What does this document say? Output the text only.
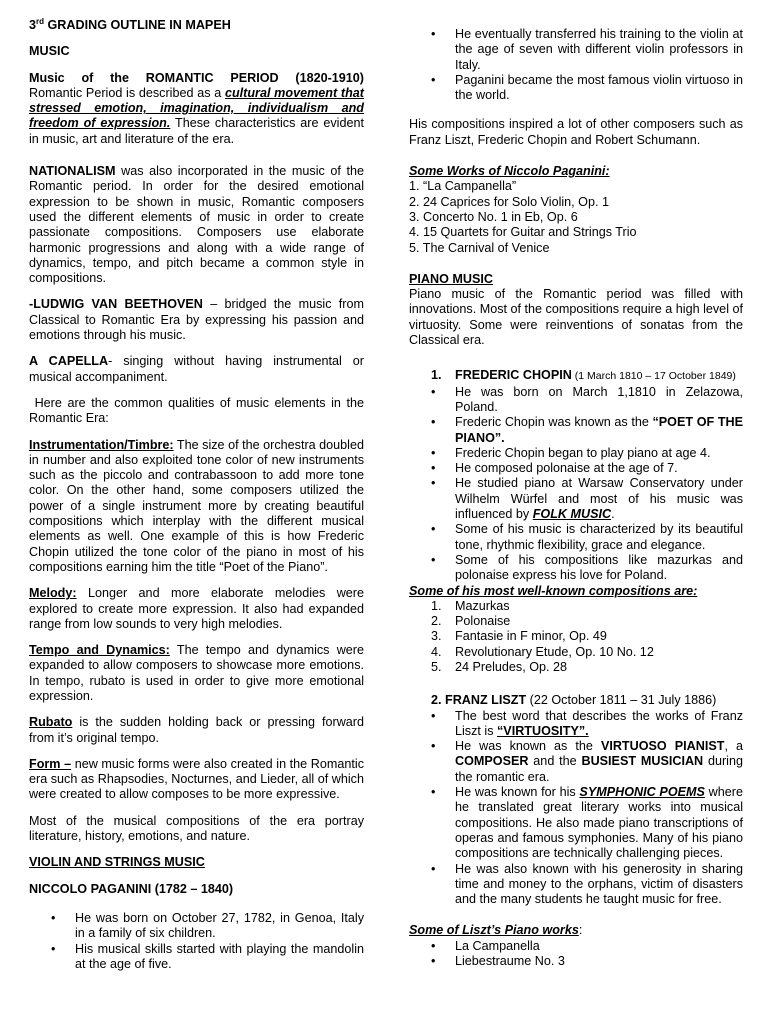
3rd GRADING OUTLINE IN MAPEH

MUSIC

Music of the ROMANTIC PERIOD (1820-1910)
Romantic Period is described as a cultural movement that stressed emotion, imagination, individualism and freedom of expression. These characteristics are evident in music, art and literature of the era.

NATIONALISM was also incorporated in the music of the Romantic period. In order for the desired emotional expression to be shown in music, Romantic composers used the different elements of music in order to create passionate compositions. Composers use elaborate harmonic progressions and along with a wide range of dynamics, tempo, and pitch became a common style in compositions.

-LUDWIG VAN BEETHOVEN – bridged the music from Classical to Romantic Era by expressing his passion and emotions through his music.

A CAPELLA- singing without having instrumental or musical accompaniment.

Here are the common qualities of music elements in the Romantic Era:

Instrumentation/Timbre: The size of the orchestra doubled in number and also exploited tone color of new instruments such as the piccolo and contrabassoon to add more tone color. On the other hand, some composers utilized the power of a single instrument more by creating beautiful compositions which interplay with the different musical elements as well. One example of this is how Frederic Chopin utilized the tone color of the piano in most of his compositions earning him the title “Poet of the Piano”.

Melody: Longer and more elaborate melodies were explored to create more expression. It also had expanded range from low sounds to very high melodies.

Tempo and Dynamics: The tempo and dynamics were expanded to allow composers to showcase more emotions. In tempo, rubato is used in order to give more emotional expression.

Rubato is the sudden holding back or pressing forward from it’s original tempo.

Form – new music forms were also created in the Romantic era such as Rhapsodies, Nocturnes, and Lieder, all of which were created to allow composes to be more expressive.

Most of the musical compositions of the era portray literature, history, emotions, and nature.

VIOLIN AND STRINGS MUSIC

NICCOLO PAGANINI (1782 – 1840)

• He was born on October 27, 1782, in Genoa, Italy in a family of six children.
• His musical skills started with playing the mandolin at the age of five.
• He eventually transferred his training to the violin at the age of seven with different violin professors in Italy.
• Paganini became the most famous violin virtuoso in the world.

His compositions inspired a lot of other composers such as Franz Liszt, Frederic Chopin and Robert Schumann.

Some Works of Niccolo Paganini:
1. “La Campanella”
2. 24 Caprices for Solo Violin, Op. 1
3. Concerto No. 1 in Eb, Op. 6
4. 15 Quartets for Guitar and Strings Trio
5. The Carnival of Venice

PIANO MUSIC
Piano music of the Romantic period was filled with innovations. Most of the compositions require a high level of virtuosity. Some were reinventions of sonatas from the Classical era.

1. FREDERIC CHOPIN (1 March 1810 – 17 October 1849)
• He was born on March 1,1810 in Zelazowa, Poland.
• Frederic Chopin was known as the “POET OF THE PIANO”.
• Frederic Chopin began to play piano at age 4.
• He composed polonaise at the age of 7.
• He studied piano at Warsaw Conservatory under Wilhelm Würfel and most of his music was influenced by FOLK MUSIC.
• Some of his music is characterized by its beautiful tone, rhythmic flexibility, grace and elegance.
• Some of his compositions like mazurkas and polonaise express his love for Poland.
Some of his most well-known compositions are:
1. Mazurkas
2. Polonaise
3. Fantasie in F minor, Op. 49
4. Revolutionary Etude, Op. 10 No. 12
5. 24 Preludes, Op. 28
2. FRANZ LISZT (22 October 1811 – 31 July 1886)
• The best word that describes the works of Franz Liszt is “VIRTUOSITY”.
• He was known as the VIRTUOSO PIANIST, a COMPOSER and the BUSIEST MUSICIAN during the romantic era.
• He was known for his SYMPHONIC POEMS where he translated great literary works into musical compositions. He also made piano transcriptions of operas and famous symphonies. Many of his piano compositions are technically challenging pieces.
• He was also known with his generosity in sharing time and money to the orphans, victim of disasters and the many students he taught music for free.
Some of Liszt’s Piano works:
• La Campanella
• Liebestraume No. 3
